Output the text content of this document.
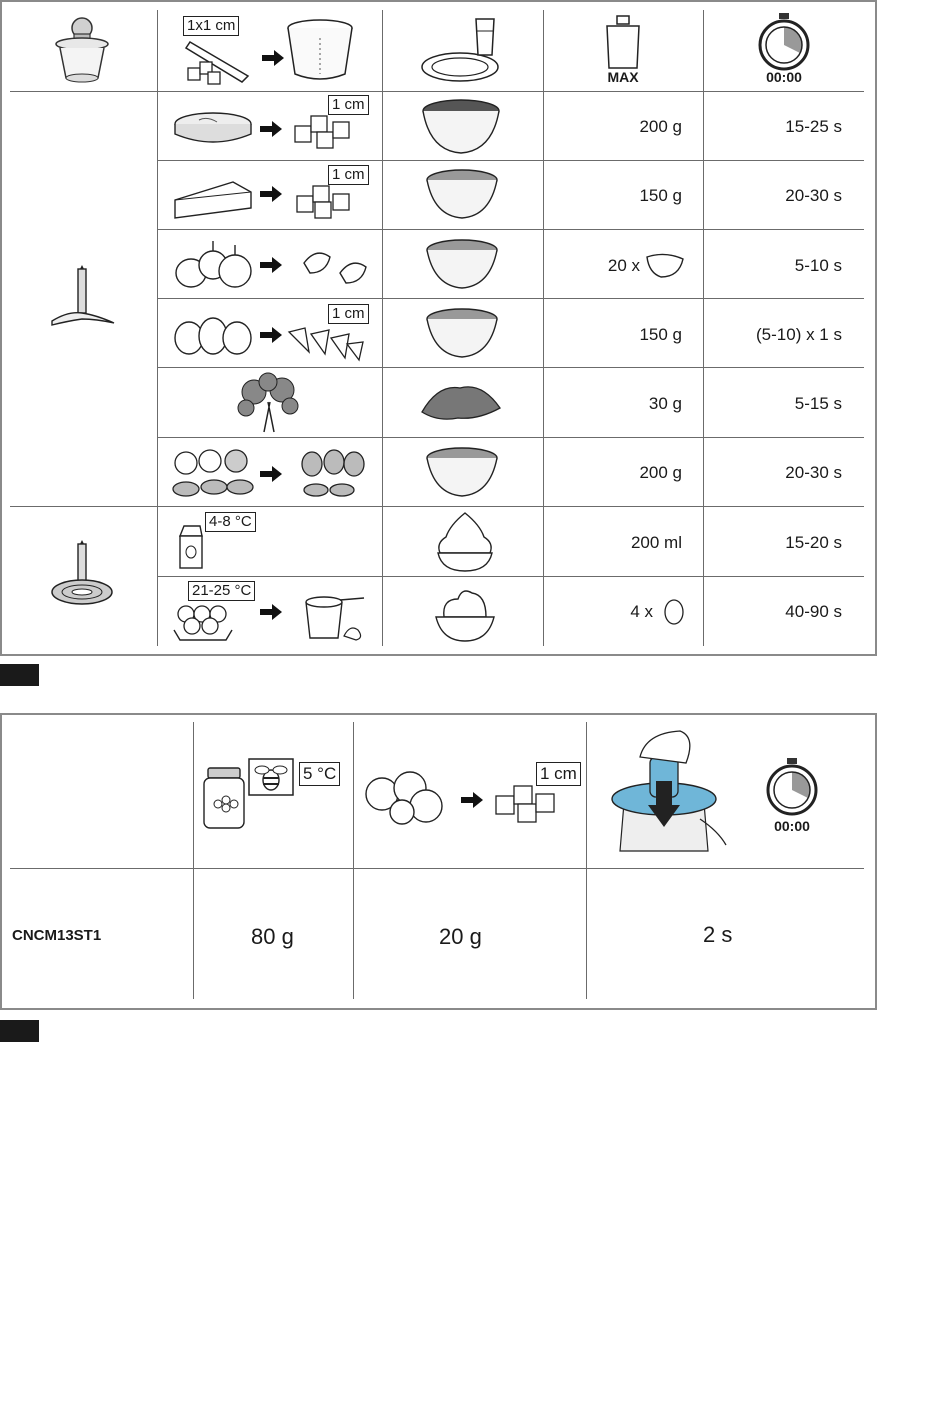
1x1 cm
MAX	00:00
1 cm
200 g	15-25 s
1 cm
150 g	20-30 s
20 x	5-10 s
1 cm
150 g	(5-10) x 1 s
30 g	5-15 s
200 g	20-30 s
4-8 °C
200 ml	15-20 s
21-25 °C
4 x	40-90 s
5 °C	1 cm
00:00
CNCM13ST1	80 g	20 g	2 s
